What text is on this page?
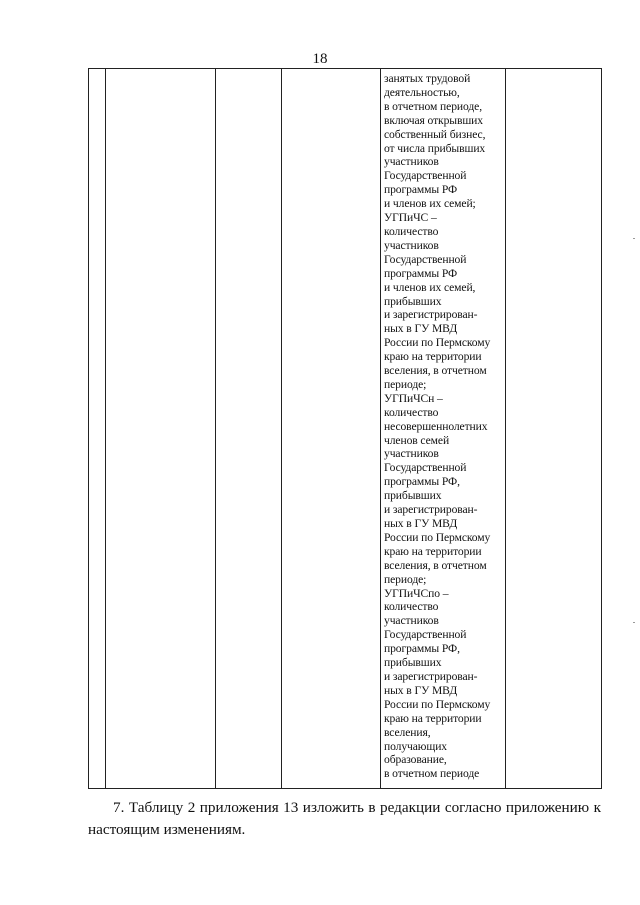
18

занятых трудовой
деятельностью,
в отчетном периоде,
включая открывших
собственный бизнес,
от числа прибывших
участников
Государственной
программы РФ
и членов их семей;
УГПиЧС –
количество
участников
Государственной
программы РФ
и членов их семей,
прибывших
и зарегистрирован-
ных в ГУ МВД
России по Пермскому
краю на территории
вселения, в отчетном
периоде;
УГПиЧСн –
количество
несовершеннолетних
членов семей
участников
Государственной
программы РФ,
прибывших
и зарегистрирован-
ных в ГУ МВД
России по Пермскому
краю на территории
вселения, в отчетном
периоде;
УГПиЧСпо –
количество
участников
Государственной
программы РФ,
прибывших
и зарегистрирован-
ных в ГУ МВД
России по Пермскому
краю на территории
вселения,
получающих
образование,
в отчетном периоде

7. Таблицу 2 приложения 13 изложить в редакции согласно приложению к настоящим изменениям.
